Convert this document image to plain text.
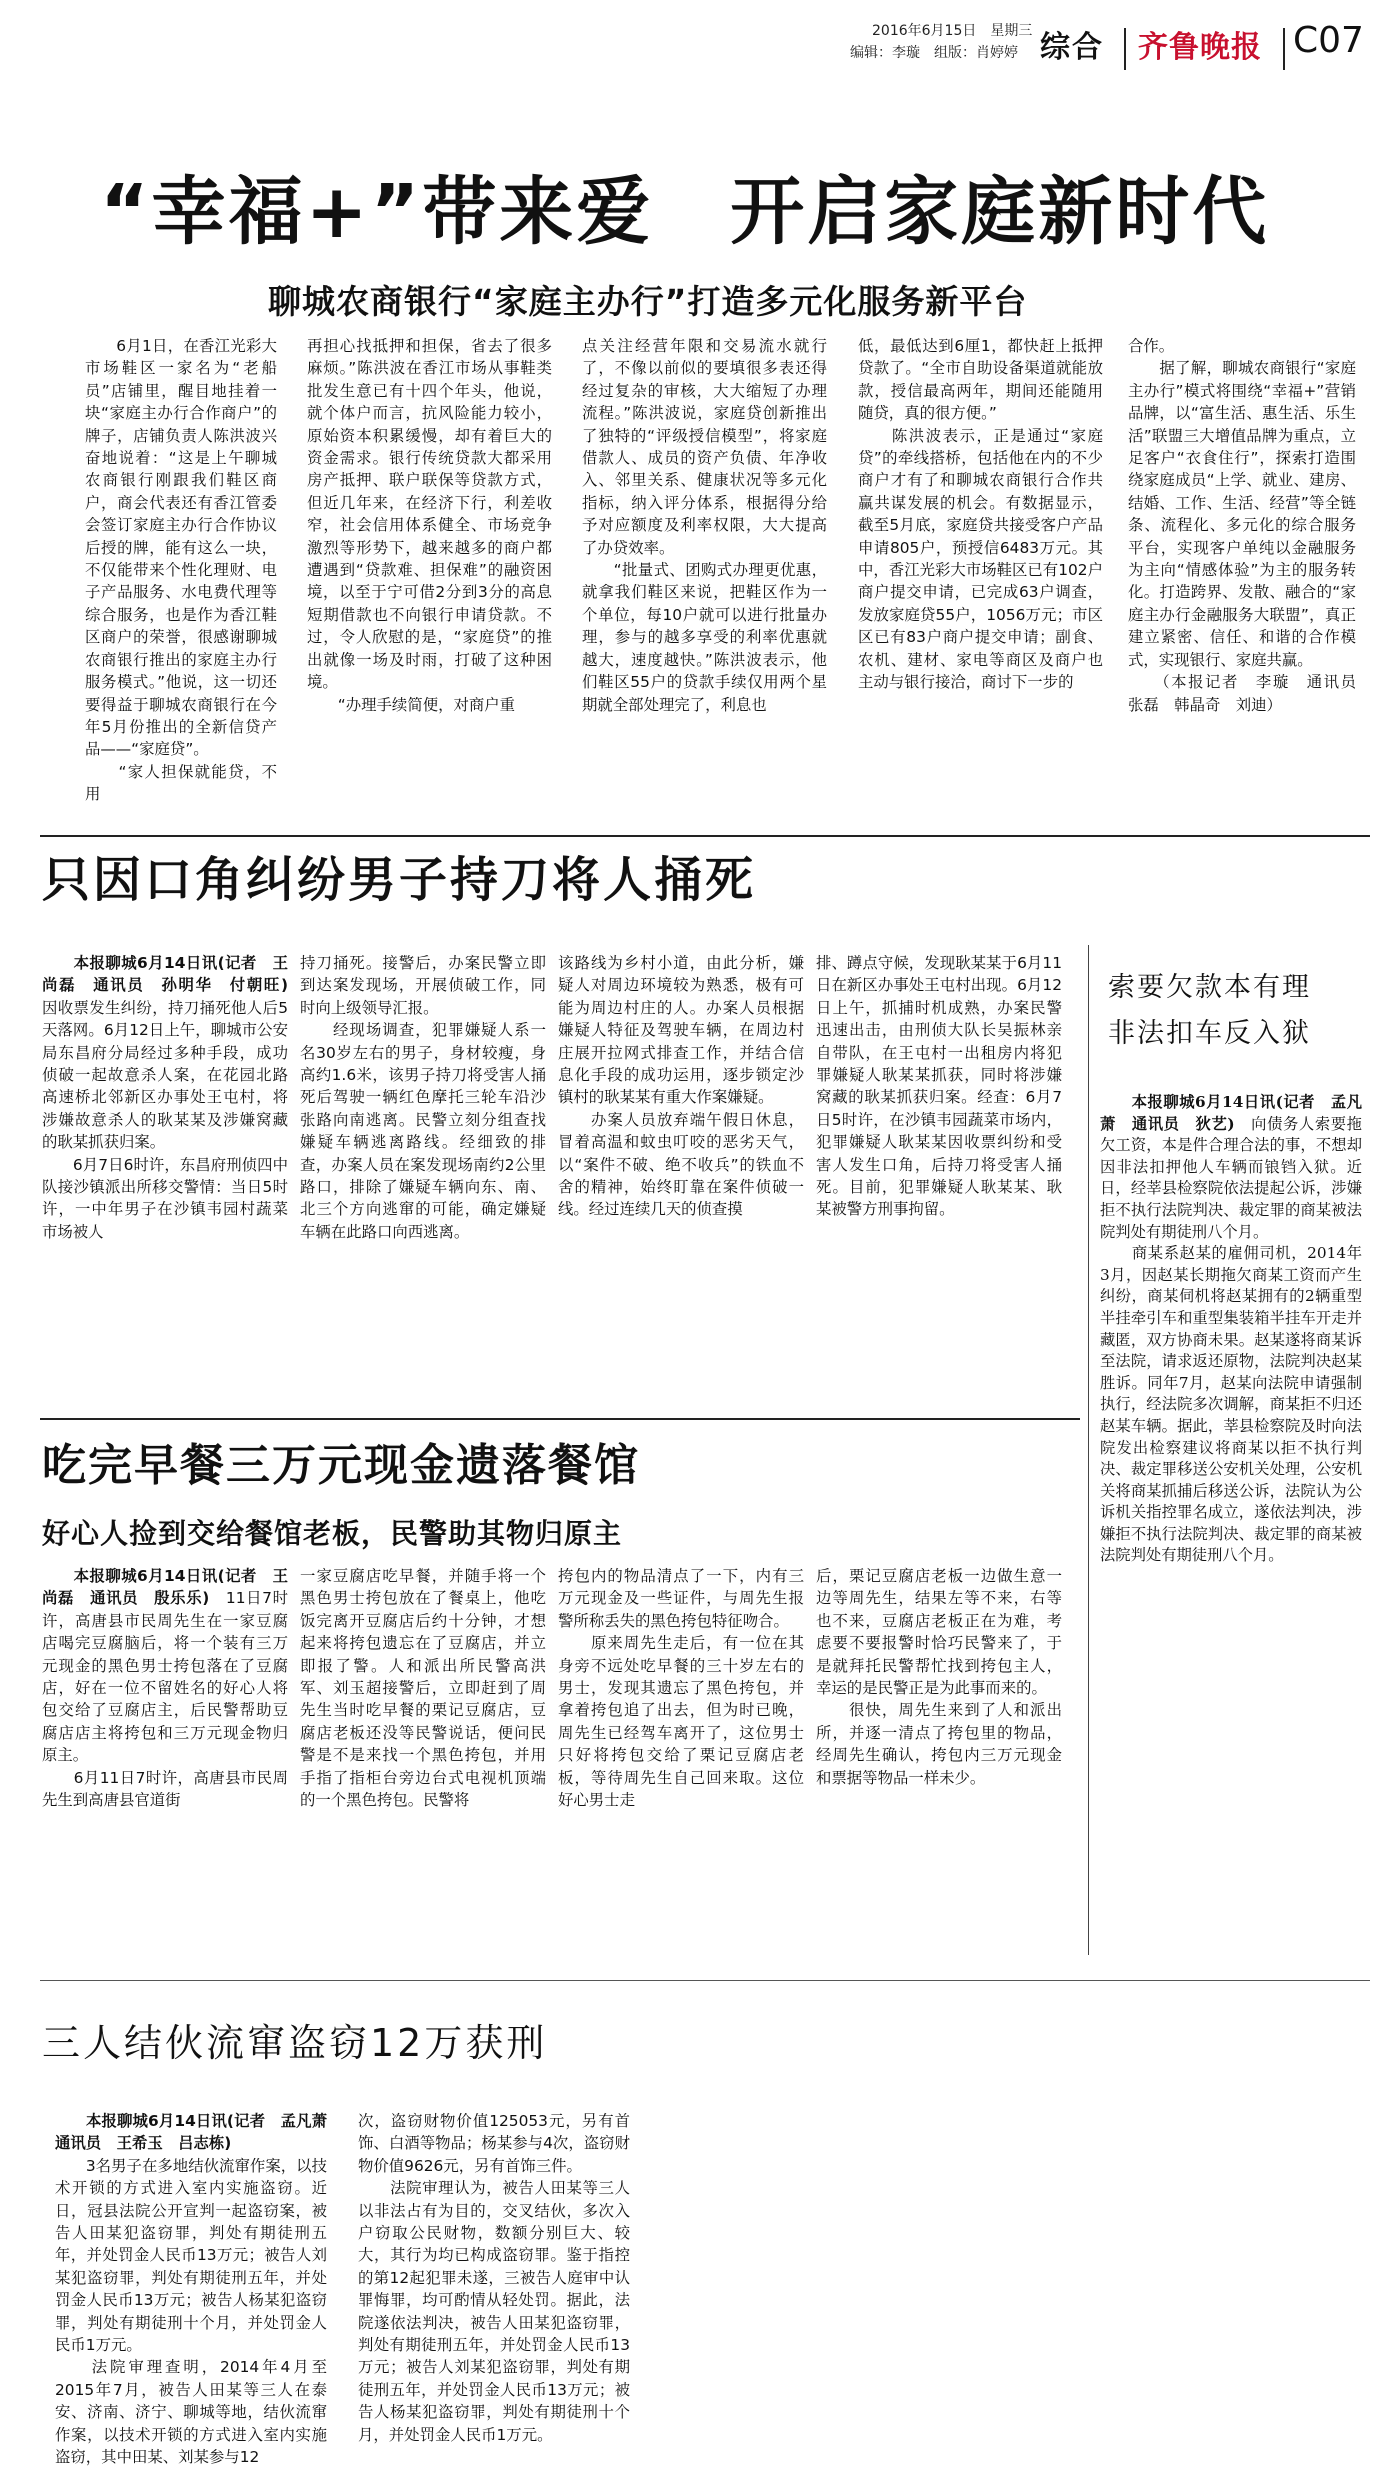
2016年6月15日　星期三
编辑：李璇　组版：肖婷婷 综合 齐鲁晚报 C07
“幸福+”带来爱　开启家庭新时代
聊城农商银行“家庭主办行”打造多元化服务新平台
　　6月1日，在香江光彩大市场鞋区一家名为“老船员”店铺里，醒目地挂着一块“家庭主办行合作商户”的牌子，店铺负责人陈洪波兴奋地说着：“这是上午聊城农商银行刚跟我们鞋区商户，商会代表还有香江管委会签订家庭主办行合作协议后授的牌，能有这么一块，不仅能带来个性化理财、电子产品服务、水电费代理等综合服务，也是作为香江鞋区商户的荣誉，很感谢聊城农商银行推出的家庭主办行服务模式。”他说，这一切还要得益于聊城农商银行在今年5月份推出的全新信贷产品——“家庭贷”。
　　“家人担保就能贷，不用
再担心找抵押和担保，省去了很多麻烦。”陈洪波在香江市场从事鞋类批发生意已有十四个年头，他说，就个体户而言，抗风险能力较小，原始资本积累缓慢，却有着巨大的资金需求。银行传统贷款大都采用房产抵押、联户联保等贷款方式，但近几年来，在经济下行，利差收窄，社会信用体系健全、市场竞争激烈等形势下，越来越多的商户都遭遇到“贷款难、担保难”的融资困境，以至于宁可借2分到3分的高息短期借款也不向银行申请贷款。不过，令人欣慰的是，“家庭贷”的推出就像一场及时雨，打破了这种困境。
　　“办理手续简便，对商户重
点关注经营年限和交易流水就行了，不像以前似的要填很多表还得经过复杂的审核，大大缩短了办理流程。”陈洪波说，家庭贷创新推出了独特的“评级授信模型”，将家庭借款人、成员的资产负债、年净收入、邻里关系、健康状况等多元化指标，纳入评分体系，根据得分给予对应额度及利率权限，大大提高了办贷效率。
　　“批量式、团购式办理更优惠，就拿我们鞋区来说，把鞋区作为一个单位，每10户就可以进行批量办理，参与的越多享受的利率优惠就越大，速度越快。”陈洪波表示，他们鞋区55户的贷款手续仅用两个星期就全部处理完了，利息也
低，最低达到6厘1，都快赶上抵押贷款了。“全市自助设备渠道就能放款，授信最高两年，期间还能随用随贷，真的很方便。”
　　陈洪波表示，正是通过“家庭贷”的牵线搭桥，包括他在内的不少商户才有了和聊城农商银行合作共赢共谋发展的机会。有数据显示，截至5月底，家庭贷共接受客户产品申请805户，预授信6483万元。其中，香江光彩大市场鞋区已有102户商户提交申请，已完成63户调查，发放家庭贷55户，1056万元；市区区已有83户商户提交申请；副食、农机、建材、家电等商区及商户也主动与银行接洽，商讨下一步的
合作。
　　据了解，聊城农商银行“家庭主办行”模式将围绕“幸福+”营销品牌，以“富生活、惠生活、乐生活”联盟三大增值品牌为重点，立足客户“衣食住行”，探索打造围绕家庭成员“上学、就业、建房、结婚、工作、生活、经营”等全链条、流程化、多元化的综合服务平台，实现客户单纯以金融服务为主向“情感体验”为主的服务转化。打造跨界、发散、融合的“家庭主办行金融服务大联盟”，真正建立紧密、信任、和谐的合作模式，实现银行、家庭共赢。
　　（本报记者　李璇　通讯员　张磊　韩晶奇　刘迪）
只因口角纠纷男子持刀将人捅死
　　本报聊城6月14日讯(记者　王尚磊　通讯员　孙明华　付朝旺)　因收票发生纠纷，持刀捅死他人后5天落网。6月12日上午，聊城市公安局东昌府分局经过多种手段，成功侦破一起故意杀人案，在花园北路高速桥北邻新区办事处王屯村，将涉嫌故意杀人的耿某某及涉嫌窝藏的耿某抓获归案。
　　6月7日6时许，东昌府刑侦四中队接沙镇派出所移交警情：当日5时许，一中年男子在沙镇韦园村蔬菜市场被人
持刀捅死。接警后，办案民警立即到达案发现场，开展侦破工作，同时向上级领导汇报。
　　经现场调查，犯罪嫌疑人系一名30岁左右的男子，身材较瘦，身高约1.6米，该男子持刀将受害人捅死后驾驶一辆红色摩托三轮车沿沙张路向南逃离。民警立刻分组查找嫌疑车辆逃离路线。经细致的排查，办案人员在案发现场南约2公里路口，排除了嫌疑车辆向东、南、北三个方向逃窜的可能，确定嫌疑车辆在此路口向西逃离。
该路线为乡村小道，由此分析，嫌疑人对周边环境较为熟悉，极有可能为周边村庄的人。办案人员根据嫌疑人特征及驾驶车辆，在周边村庄展开拉网式排查工作，并结合信息化手段的成功运用，逐步锁定沙镇村的耿某某有重大作案嫌疑。
　　办案人员放弃端午假日休息，冒着高温和蚊虫叮咬的恶劣天气，以“案件不破、绝不收兵”的铁血不舍的精神，始终盯靠在案件侦破一线。经过连续几天的侦查摸
排、蹲点守候，发现耿某某于6月11日在新区办事处王屯村出现。6月12日上午，抓捕时机成熟，办案民警迅速出击，由刑侦大队长吴振林亲自带队，在王屯村一出租房内将犯罪嫌疑人耿某某抓获，同时将涉嫌窝藏的耿某抓获归案。经查：6月7日5时许，在沙镇韦园蔬菜市场内，犯罪嫌疑人耿某某因收票纠纷和受害人发生口角，后持刀将受害人捅死。目前，犯罪嫌疑人耿某某、耿某被警方刑事拘留。
索要欠款本有理
非法扣车反入狱
　　本报聊城6月14日讯(记者　孟凡萧　通讯员　狄艺)　向债务人索要拖欠工资，本是件合理合法的事，不想却因非法扣押他人车辆而锒铛入狱。近日，经莘县检察院依法提起公诉，涉嫌拒不执行法院判决、裁定罪的商某被法院判处有期徒刑八个月。
　　商某系赵某的雇佣司机，2014年3月，因赵某长期拖欠商某工资而产生纠纷，商某伺机将赵某拥有的2辆重型半挂牵引车和重型集装箱半挂车开走并藏匿，双方协商未果。赵某遂将商某诉至法院，请求返还原物，法院判决赵某胜诉。同年7月，赵某向法院申请强制执行，经法院多次调解，商某拒不归还赵某车辆。据此，莘县检察院及时向法院发出检察建议将商某以拒不执行判决、裁定罪移送公安机关处理，公安机关将商某抓捕后移送公诉，法院认为公诉机关指控罪名成立，遂依法判决，涉嫌拒不执行法院判决、裁定罪的商某被法院判处有期徒刑八个月。
吃完早餐三万元现金遗落餐馆
好心人捡到交给餐馆老板，民警助其物归原主
　　本报聊城6月14日讯(记者　王尚磊　通讯员　殷乐乐)　11日7时许，高唐县市民周先生在一家豆腐店喝完豆腐脑后，将一个装有三万元现金的黑色男士挎包落在了豆腐店，好在一位不留姓名的好心人将包交给了豆腐店主，后民警帮助豆腐店店主将挎包和三万元现金物归原主。
　　6月11日7时许，高唐县市民周先生到高唐县官道街
一家豆腐店吃早餐，并随手将一个黑色男士挎包放在了餐桌上，他吃饭完离开豆腐店后约十分钟，才想起来将挎包遗忘在了豆腐店，并立即报了警。人和派出所民警高洪军、刘玉超接警后，立即赶到了周先生当时吃早餐的栗记豆腐店，豆腐店老板还没等民警说话，便问民警是不是来找一个黑色挎包，并用手指了指柜台旁边台式电视机顶端的一个黑色挎包。民警将
挎包内的物品清点了一下，内有三万元现金及一些证件，与周先生报警所称丢失的黑色挎包特征吻合。
　　原来周先生走后，有一位在其身旁不远处吃早餐的三十岁左右的男士，发现其遗忘了黑色挎包，并拿着挎包追了出去，但为时已晚，周先生已经驾车离开了，这位男士只好将挎包交给了栗记豆腐店老板，等待周先生自己回来取。这位好心男士走
后，栗记豆腐店老板一边做生意一边等周先生，结果左等不来，右等也不来，豆腐店老板正在为难，考虑要不要报警时恰巧民警来了，于是就拜托民警帮忙找到挎包主人，幸运的是民警正是为此事而来的。
　　很快，周先生来到了人和派出所，并逐一清点了挎包里的物品，经周先生确认，挎包内三万元现金和票据等物品一样未少。
三人结伙流窜盗窃12万获刑
　　本报聊城6月14日讯(记者　孟凡萧　通讯员　王希玉　吕志栋)
　　3名男子在多地结伙流窜作案，以技术开锁的方式进入室内实施盗窃。近日，冠县法院公开宣判一起盗窃案，被告人田某犯盗窃罪，判处有期徒刑五年，并处罚金人民币13万元；被告人刘某犯盗窃罪，判处有期徒刑五年，并处罚金人民币13万元；被告人杨某犯盗窃罪，判处有期徒刑十个月，并处罚金人民币1万元。
　　法院审理查明，2014年4月至2015年7月，被告人田某等三人在泰安、济南、济宁、聊城等地，结伙流窜作案，以技术开锁的方式进入室内实施盗窃，其中田某、刘某参与12
次，盗窃财物价值125053元，另有首饰、白酒等物品；杨某参与4次，盗窃财物价值9626元，另有首饰三件。
　　法院审理认为，被告人田某等三人以非法占有为目的，交叉结伙，多次入户窃取公民财物，数额分别巨大、较大，其行为均已构成盗窃罪。鉴于指控的第12起犯罪未遂，三被告人庭审中认罪悔罪，均可酌情从轻处罚。据此，法院遂依法判决，被告人田某犯盗窃罪，判处有期徒刑五年，并处罚金人民币13万元；被告人刘某犯盗窃罪，判处有期徒刑五年，并处罚金人民币13万元；被告人杨某犯盗窃罪，判处有期徒刑十个月，并处罚金人民币1万元。
